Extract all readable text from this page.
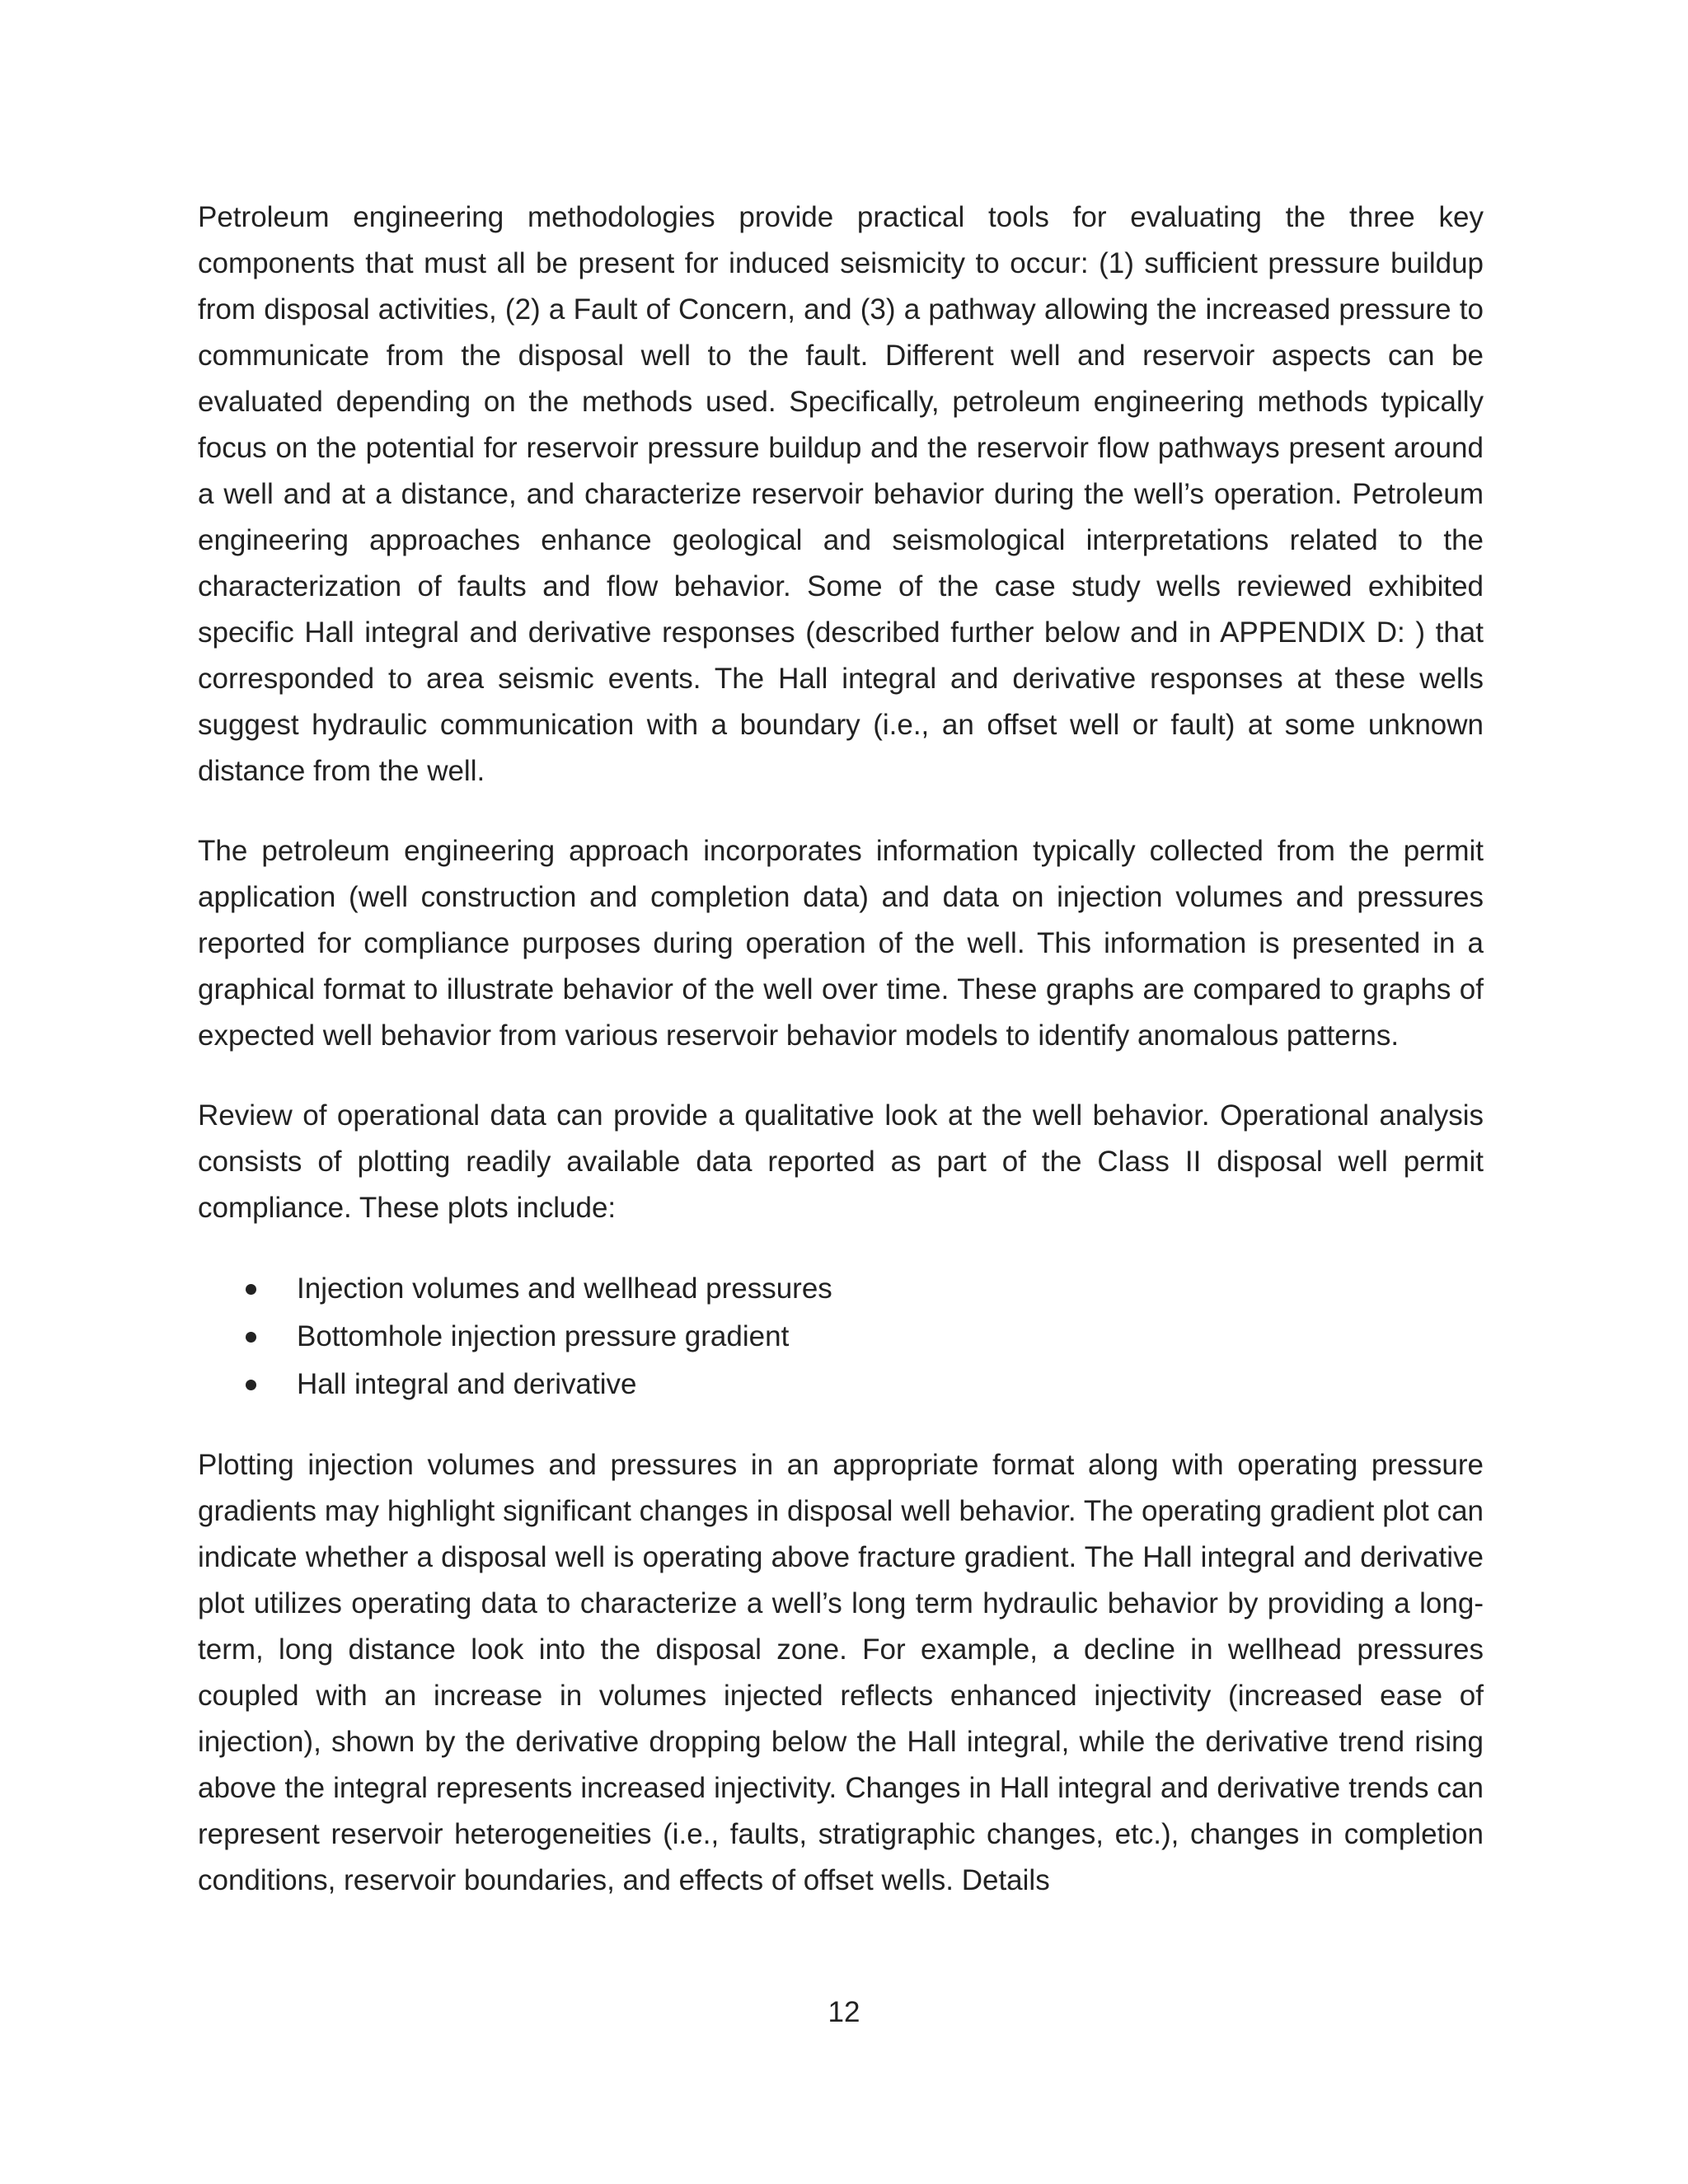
Petroleum engineering methodologies provide practical tools for evaluating the three key components that must all be present for induced seismicity to occur: (1) sufficient pressure buildup from disposal activities, (2) a Fault of Concern, and (3) a pathway allowing the increased pressure to communicate from the disposal well to the fault. Different well and reservoir aspects can be evaluated depending on the methods used. Specifically, petroleum engineering methods typically focus on the potential for reservoir pressure buildup and the reservoir flow pathways present around a well and at a distance, and characterize reservoir behavior during the well’s operation. Petroleum engineering approaches enhance geological and seismological interpretations related to the characterization of faults and flow behavior. Some of the case study wells reviewed exhibited specific Hall integral and derivative responses (described further below and in APPENDIX D: ) that corresponded to area seismic events. The Hall integral and derivative responses at these wells suggest hydraulic communication with a boundary (i.e., an offset well or fault) at some unknown distance from the well.

The petroleum engineering approach incorporates information typically collected from the permit application (well construction and completion data) and data on injection volumes and pressures reported for compliance purposes during operation of the well. This information is presented in a graphical format to illustrate behavior of the well over time. These graphs are compared to graphs of expected well behavior from various reservoir behavior models to identify anomalous patterns.

Review of operational data can provide a qualitative look at the well behavior. Operational analysis consists of plotting readily available data reported as part of the Class II disposal well permit compliance. These plots include:

Injection volumes and wellhead pressures
Bottomhole injection pressure gradient
Hall integral and derivative

Plotting injection volumes and pressures in an appropriate format along with operating pressure gradients may highlight significant changes in disposal well behavior. The operating gradient plot can indicate whether a disposal well is operating above fracture gradient. The Hall integral and derivative plot utilizes operating data to characterize a well’s long term hydraulic behavior by providing a long-term, long distance look into the disposal zone. For example, a decline in wellhead pressures coupled with an increase in volumes injected reflects enhanced injectivity (increased ease of injection), shown by the derivative dropping below the Hall integral, while the derivative trend rising above the integral represents increased injectivity. Changes in Hall integral and derivative trends can represent reservoir heterogeneities (i.e., faults, stratigraphic changes, etc.), changes in completion conditions, reservoir boundaries, and effects of offset wells. Details

12
